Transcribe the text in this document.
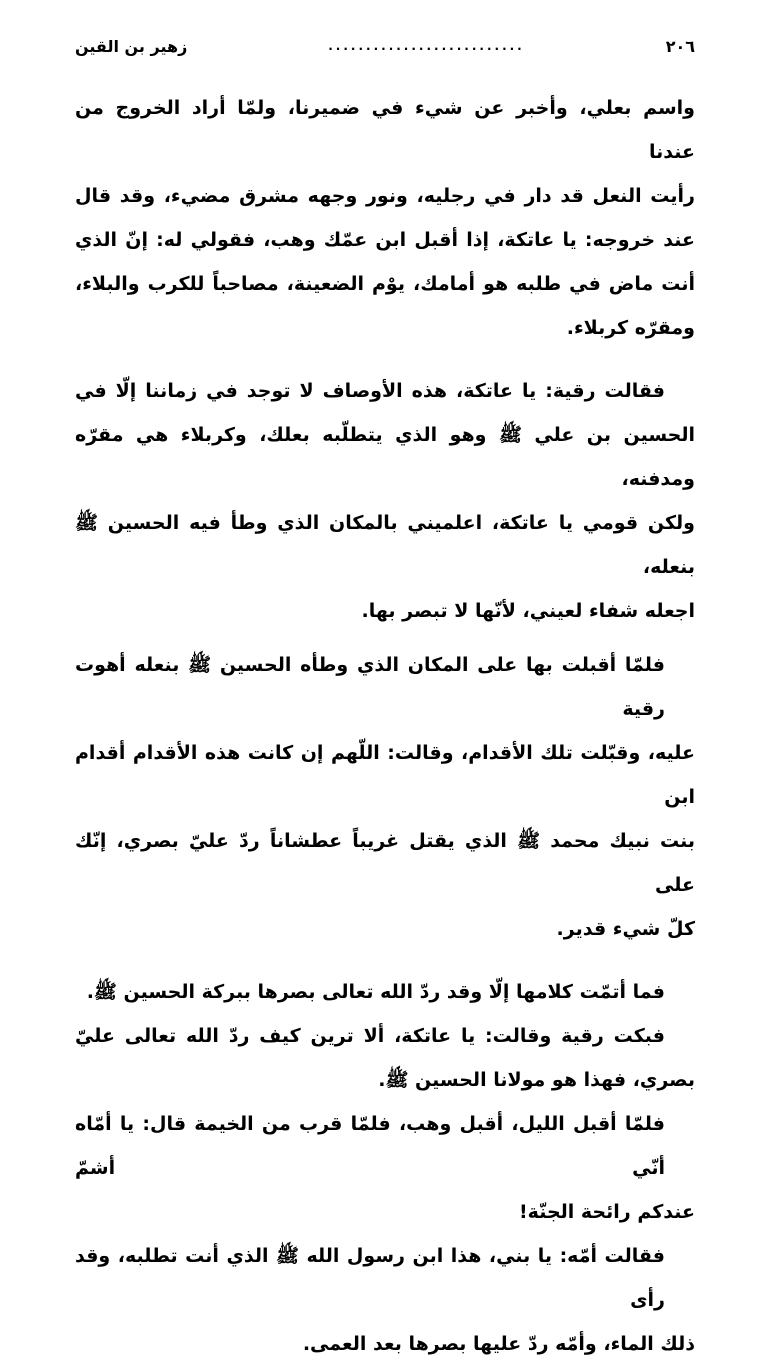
٢٠٦
..........................
زهير بن القين
واسم بعلي، وأخبر عن شيء في ضميرنا، ولمّا أراد الخروج من عندنا
رأيت النعل قد دار في رجليه، ونور وجهه مشرق مضيء، وقد قال
عند خروجه: يا عاتكة، إذا أقبل ابن عمّك وهب، فقولي له: إنّ الذي
أنت ماض في طلبه هو أمامك، يوْم الضعينة، مصاحباً للكرب والبلاء،
ومقرّه كربلاء.
فقالت رقية: يا عاتكة، هذه الأوصاف لا توجد في زماننا إلّا في
الحسين بن علي ﷺ وهو الذي يتطلّبه بعلك، وكربلاء هي مقرّه ومدفنه،
ولكن قومي يا عاتكة، اعلميني بالمكان الذي وطأ فيه الحسين ﷺ بنعله،
اجعله شفاء لعيني، لأنّها لا تبصر بها.
فلمّا أقبلت بها على المكان الذي وطأه الحسين ﷺ بنعله أهوت رقية
عليه، وقبّلت تلك الأقدام، وقالت: اللّهم إن كانت هذه الأقدام أقدام ابن
بنت نبيك محمد ﷺ الذي يقتل غريباً عطشاناً ردّ عليّ بصري، إنّك على
كلّ شيء قدير.
فما أتمّت كلامها إلّا وقد ردّ الله تعالى بصرها ببركة الحسين ﷺ.
فبكت رقية وقالت: يا عاتكة، ألا ترين كيف ردّ الله تعالى عليّ
بصري، فهذا هو مولانا الحسين ﷺ.
فلمّا أقبل الليل، أقبل وهب، فلمّا قرب من الخيمة قال: يا أمّاه أنّي أشمّ
عندكم رائحة الجنّة!
فقالت أمّه: يا بني، هذا ابن رسول الله ﷺ الذي أنت تطلبه، وقد رأى
ذلك الماء، وأمّه ردّ عليها بصرها بعد العمى.
